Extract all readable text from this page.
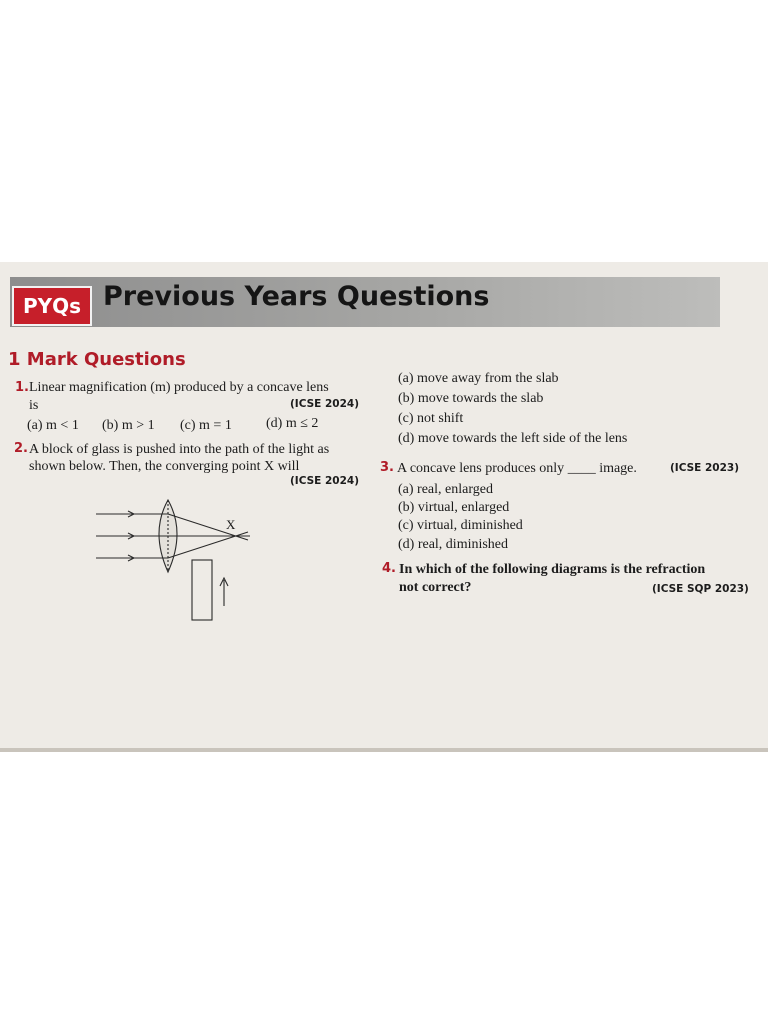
PYQs Previous Years Questions
1 Mark Questions
1. Linear magnification (m) produced by a concave lens
is	(ICSE 2024)
(a) m < 1 (b) m > 1 (c) m = 1 (d) m ≤ 2
2. A block of glass is pushed into the path of the light as
shown below. Then, the converging point X will
(ICSE 2024)
X
(a) move away from the slab
(b) move towards the slab
(c) not shift
(d) move towards the left side of the lens
3. A concave lens produces only ____ image.	(ICSE 2023)
(a) real, enlarged
(b) virtual, enlarged
(c) virtual, diminished
(d) real, diminished
4. In which of the following diagrams is the refraction
not correct?	(ICSE SQP 2023)
